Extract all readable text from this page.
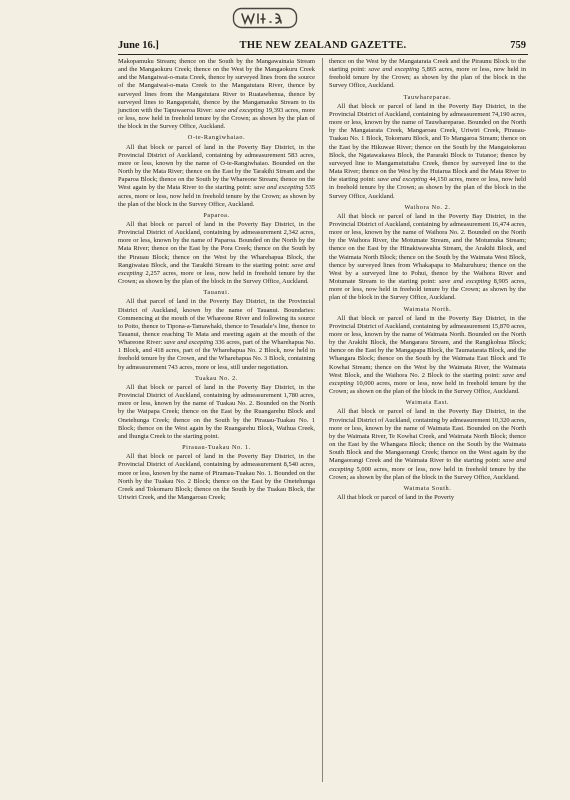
June 16.]	THE NEW ZEALAND GAZETTE.	759

Makopamuku Stream; thence on the South by the Mangawainaia Stream and the Mangaokuru Creek; thence on the West by the Mangaokuru Creek and the Mangaiwai-o-mata Creek, thence by surveyed lines from the source of the Mangaiwai-o-mata Creek to the Mangatutara River, thence by surveyed lines from the Mangatutara River to Ruatawhenua, thence by surveyed lines to Rangapotahi, thence by the Mangamauku Stream to its junction with the Tapuwaeroa River: save and excepting 19,393 acres, more or less, now held in freehold tenure by the Crown; as shown by the plan of the block in the Survey Office, Auckland.

O-te-Rangiwhaiao.

All that block or parcel of land in the Poverty Bay District, in the Provincial District of Auckland, containing by admeasurement 583 acres, more or less, known by the name of O-te-Rangiwhaiao. Bounded on the North by the Mata River; thence on the East by the Tarakihi Stream and the Paparoa Block; thence on the South by the Whareone Stream; thence on the West again by the Mata River to the starting point: save and excepting 535 acres, more or less, now held in freehold tenure by the Crown; as shown by the plan of the block in the Survey Office, Auckland.

Paparoa.

All that block or parcel of land in the Poverty Bay District, in the Provincial District of Auckland, containing by admeasurement 2,342 acres, more or less, known by the name of Paparoa. Bounded on the North by the Mata River; thence on the East by the Pora Creek; thence on the South by the Pirauau Block; thence on the West by the Wharehapua Block, the Rangiwaiau Block, and the Tarakihi Stream to the starting point: save and excepting 2,257 acres, more or less, now held in freehold tenure by the Crown; as shown by the plan of the block in the Survey Office, Auckland.

Tauanui.

All that parcel of land in the Poverty Bay District, in the Provincial District of Auckland, known by the name of Tauanui. Boundaries: Commencing at the mouth of the Whareone River and following its source to Poito, thence to Tipona-a-Tamawhaki, thence to Tesadale’s line, thence to Tauanui, thence reaching Te Mata and meeting again at the mouth of the Whareone River: save and excepting 336 acres, part of the Wharehapua No. 1 Block, and 418 acres, part of the Wharehapua No. 2 Block, now held in freehold tenure by the Crown, and the Wharehapua No. 3 Block, containing by admeasurement 743 acres, more or less, still under negotiation.

Tuakau No. 2.

All that block or parcel of land in the Poverty Bay District, in the Provincial District of Auckland, containing by admeasurement 1,780 acres, more or less, known by the name of Tuakau No. 2. Bounded on the North by the Waipapa Creek; thence on the East by the Ruangarehu Block and Onetehunga Creek; thence on the South by the Pirauau-Tuakau No. 1 Block; thence on the West again by the Ruangarehu Block, Waihua Creek, and Ihungia Creek to the starting point.

Pirauau-Tuakau No. 1.

All that block or parcel of land in the Poverty Bay District, in the Provincial District of Auckland, containing by admeasurement 8,540 acres, more or less, known by the name of Piramau-Tuakau No. 1. Bounded on the North by the Tuakau No. 2 Block; thence on the East by the Onetehunga Creek and Tokomaru Block; thence on the South by the Tuakau Block, the Uriwiri Creek, and the Mangaroau Creek;

thence on the West by the Mangatarata Creek and the Piraunu Block to the starting point: save and excepting 5,865 acres, more or less, now held in freehold tenure by the Crown; as shown by the plan of the block in the Survey Office, Auckland.

Tauwhareparae.

All that block or parcel of land in the Poverty Bay District, in the Provincial District of Auckland, containing by admeasurement 74,190 acres, more or less, known by the name of Tauwhareparae. Bounded on the North by the Mangatarata Creek, Mangaroau Creek, Uriwiri Creek, Pirauau-Tuakau No. 1 Block, Tokomaru Block, and To Mangaroa Stream; thence on the East by the Hikuwae River; thence on the South by the Mangatokerau Block, the Ngatawakawa Block, the Pararaki Block to Tutanoe; thence by surveyed line to Mangamutuitahu Creek, thence by surveyed line to the Mata River; thence on the West by the Huiarua Block and the Mata River to the starting point: save and excepting 44,150 acres, more or less, now held in freehold tenure by the Crown; as shown by the plan of the block in the Survey Office, Auckland.

Waihora No. 2.

All that block or parcel of land in the Poverty Bay District, in the Provincial District of Auckland, containing by admeasurement 16,474 acres, more or less, known by the name of Waihora No. 2. Bounded on the North by the Waihora River, the Motumate Stream, and the Motumuka Stream; thence on the East by the Hinakiwawahia Stream, the Arakihi Block, and the Waimata North Block; thence on the South by the Waimata West Block, thence by surveyed lines from Whakapapa to Mahuruhuru; thence on the West by a surveyed line to Pohui, thence by the Waihora River and Motumate Stream to the starting point: save and excepting 8,905 acres, more or less, now held in freehold tenure by the Crown; as shown by the plan of the block in the Survey Office, Auckland.

Waimata North.

All that block or parcel of land in the Poverty Bay District, in the Provincial District of Auckland, containing by admeasurement 15,870 acres, more or less, known by the name of Waimata North. Bounded on the North by the Arakihi Block, the Mangarara Stream, and the Rangikohua Block; thence on the East by the Mangapapa Block, the Taumatarata Block, and the Whangara Block; thence on the South by the Waimata East Block and Te Kowhai Stream; thence on the West by the Waimata River, the Waimata West Block, and the Waihora No. 2 Block to the starting point: save and excepting 10,000 acres, more or less, now held in freehold tenure by the Crown; as shown on the plan of the block in the Survey Office, Auckland.

Waimata East.

All that block or parcel of land in the Poverty Bay District, in the Provincial District of Auckland, containing by admeasurement 10,320 acres, more or less, known by the name of Waimata East. Bounded on the North by the Waimata River, Te Kowhai Creek, and Waimata North Block; thence on the East by the Whangara Block; thence on the South by the Waimata South Block and the Mangaorangi Creek; thence on the West again by the Mangaorangi Creek and the Waimata River to the starting point: save and excepting 5,000 acres, more or less, now held in freehold tenure by the Crown; as shown by the plan of the block in the Survey Office, Auckland.

Waimata South.

All that block or parcel of land in the Poverty
